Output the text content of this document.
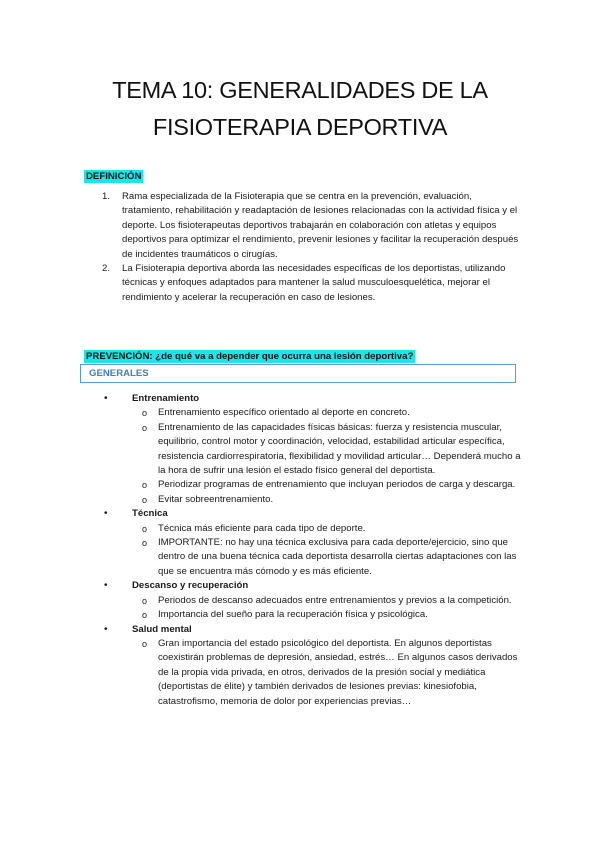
TEMA 10: GENERALIDADES DE LA
FISIOTERAPIA DEPORTIVA
DEFINICIÓN
1. Rama especializada de la Fisioterapia que se centra en la prevención, evaluación, tratamiento, rehabilitación y readaptación de lesiones relacionadas con la actividad física y el deporte. Los fisioterapeutas deportivos trabajarán en colaboración con atletas y equipos deportivos para optimizar el rendimiento, prevenir lesiones y facilitar la recuperación después de incidentes traumáticos o cirugías.
2. La Fisioterapia deportiva aborda las necesidades específicas de los deportistas, utilizando técnicas y enfoques adaptados para mantener la salud musculoesquelética, mejorar el rendimiento y acelerar la recuperación en caso de lesiones.
PREVENCIÓN: ¿de qué va a depender que ocurra una lesión deportiva?
GENERALES
•	Entrenamiento
o Entrenamiento específico orientado al deporte en concreto.
o Entrenamiento de las capacidades físicas básicas: fuerza y resistencia muscular, equilibrio, control motor y coordinación, velocidad, estabilidad articular específica, resistencia cardiorrespiratoria, flexibilidad y movilidad articular… Dependerá mucho a la hora de sufrir una lesión el estado físico general del deportista.
o Periodizar programas de entrenamiento que incluyan periodos de carga y descarga.
o Evitar sobreentrenamiento.
•	Técnica
o Técnica más eficiente para cada tipo de deporte.
o IMPORTANTE: no hay una técnica exclusiva para cada deporte/ejercicio, sino que dentro de una buena técnica cada deportista desarrolla ciertas adaptaciones con las que se encuentra más cómodo y es más eficiente.
•	Descanso y recuperación
o Periodos de descanso adecuados entre entrenamientos y previos a la competición.
o Importancia del sueño para la recuperación física y psicológica.
•	Salud mental
o Gran importancia del estado psicológico del deportista. En algunos deportistas coexistirán problemas de depresión, ansiedad, estrés… En algunos casos derivados de la propia vida privada, en otros, derivados de la presión social y mediática (deportistas de élite) y también derivados de lesiones previas: kinesiofobia, catastrofismo, memoria de dolor por experiencias previas…
